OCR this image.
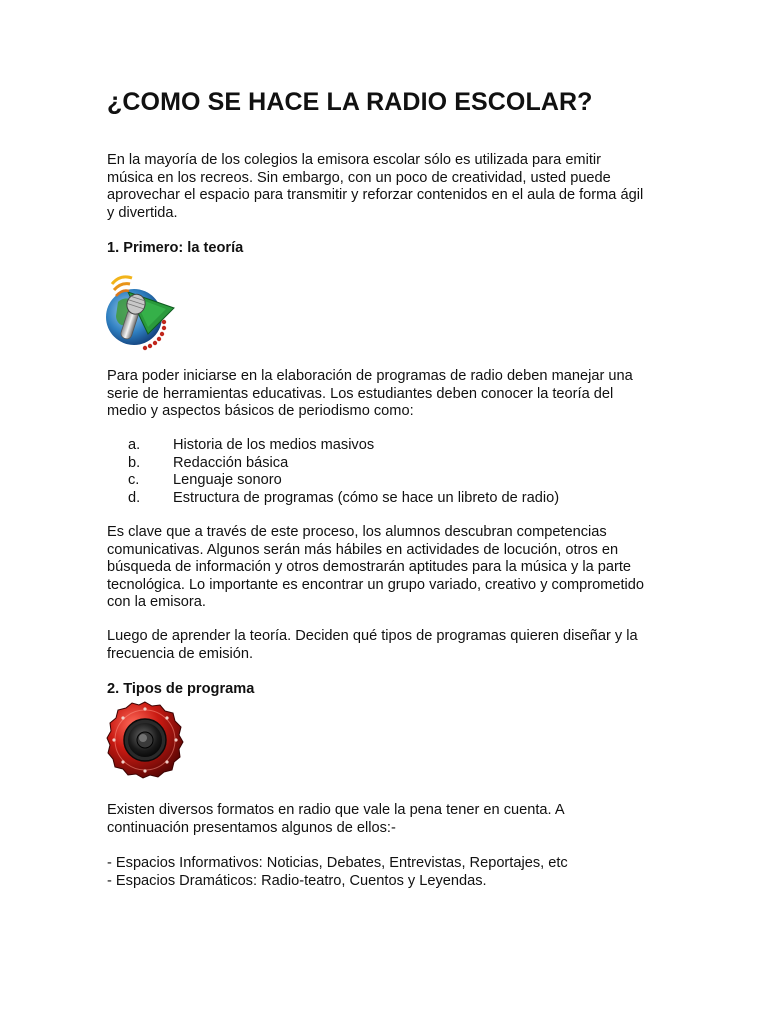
¿COMO SE HACE LA RADIO ESCOLAR?

En la mayoría de los colegios la emisora escolar sólo es utilizada para emitir
música en los recreos. Sin embargo, con un poco de creatividad, usted puede
aprovechar el espacio para transmitir y reforzar contenidos en el aula de forma ágil
y divertida.

1. Primero: la teoría

Para poder iniciarse en la elaboración de programas de radio deben manejar una
serie de herramientas educativas. Los estudiantes deben conocer la teoría del
medio y aspectos básicos de periodismo como:

a.	Historia de los medios masivos
b.	Redacción básica
c.	Lenguaje sonoro
d.	Estructura de programas (cómo se hace un libreto de radio)

Es clave que a través de este proceso, los alumnos descubran competencias
comunicativas. Algunos serán más hábiles en actividades de locución, otros en
búsqueda de información y otros demostrarán aptitudes para la música y la parte
tecnológica. Lo importante es encontrar un grupo variado, creativo y comprometido
con la emisora.

Luego de aprender la teoría. Deciden qué tipos de programas quieren diseñar y la
frecuencia de emisión.

2. Tipos de programa

Existen diversos formatos en radio que vale la pena tener en cuenta. A
continuación presentamos algunos de ellos:-

- Espacios Informativos: Noticias, Debates, Entrevistas, Reportajes, etc
- Espacios Dramáticos: Radio-teatro, Cuentos y Leyendas.
